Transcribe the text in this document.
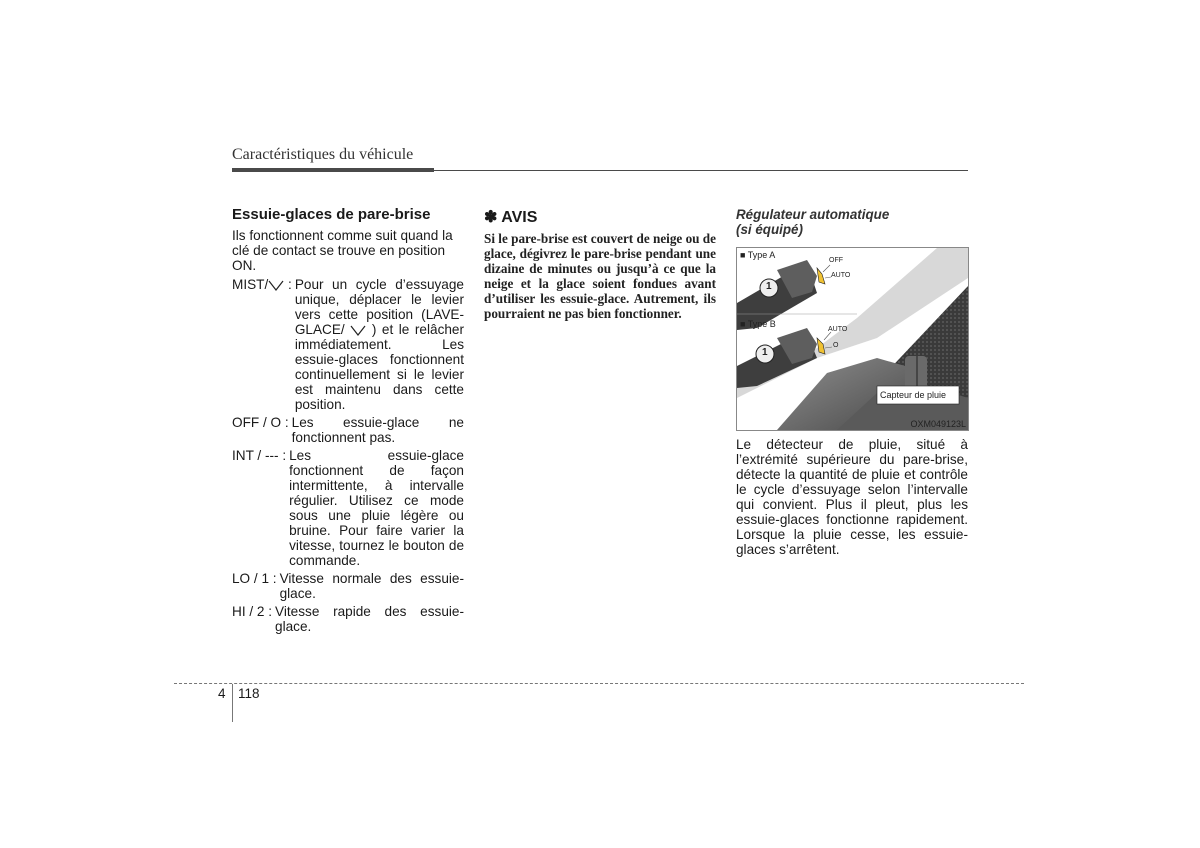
Caractéristiques du véhicule
Essuie-glaces de pare-brise

Ils fonctionnent comme suit quand la clé de contact se trouve en position ON.

MIST/ : Pour un cycle d’essuyage unique, déplacer le levier vers cette position (LAVE-GLACE/ ) et le relâcher immédiatement. Les essuie-glaces fonctionnent continuellement si le levier est maintenu dans cette position.
OFF / O : Les essuie-glace ne fonctionnent pas.
INT / --- : Les essuie-glace fonctionnent de façon intermittente, à intervalle régulier. Utilisez ce mode sous une pluie légère ou bruine. Pour faire varier la vitesse, tournez le bouton de commande.
LO / 1 : Vitesse normale des essuie-glace.
HI / 2 : Vitesse rapide des essuie-glace.
✽ AVIS

Si le pare-brise est couvert de neige ou de glace, dégivrez le pare-brise pendant une dizaine de minutes ou jusqu’à ce que la neige et la glace soient fondues avant d’utiliser les essuie-glace. Autrement, ils pourraient ne pas bien fonctionner.

Régulateur automatique
(si équipé)
■ Type A
OFF
AUTO
■ Type B
AUTO
O
1
1
Capteur de pluie
OXM049123L

Le détecteur de pluie, situé à l’extrémité supérieure du pare-brise, détecte la quantité de pluie et contrôle le cycle d’essuyage selon l’intervalle qui convient. Plus il pleut, plus les essuie-glaces fonctionne rapidement. Lorsque la pluie cesse, les essuie-glaces s’arrêtent.

4 118
